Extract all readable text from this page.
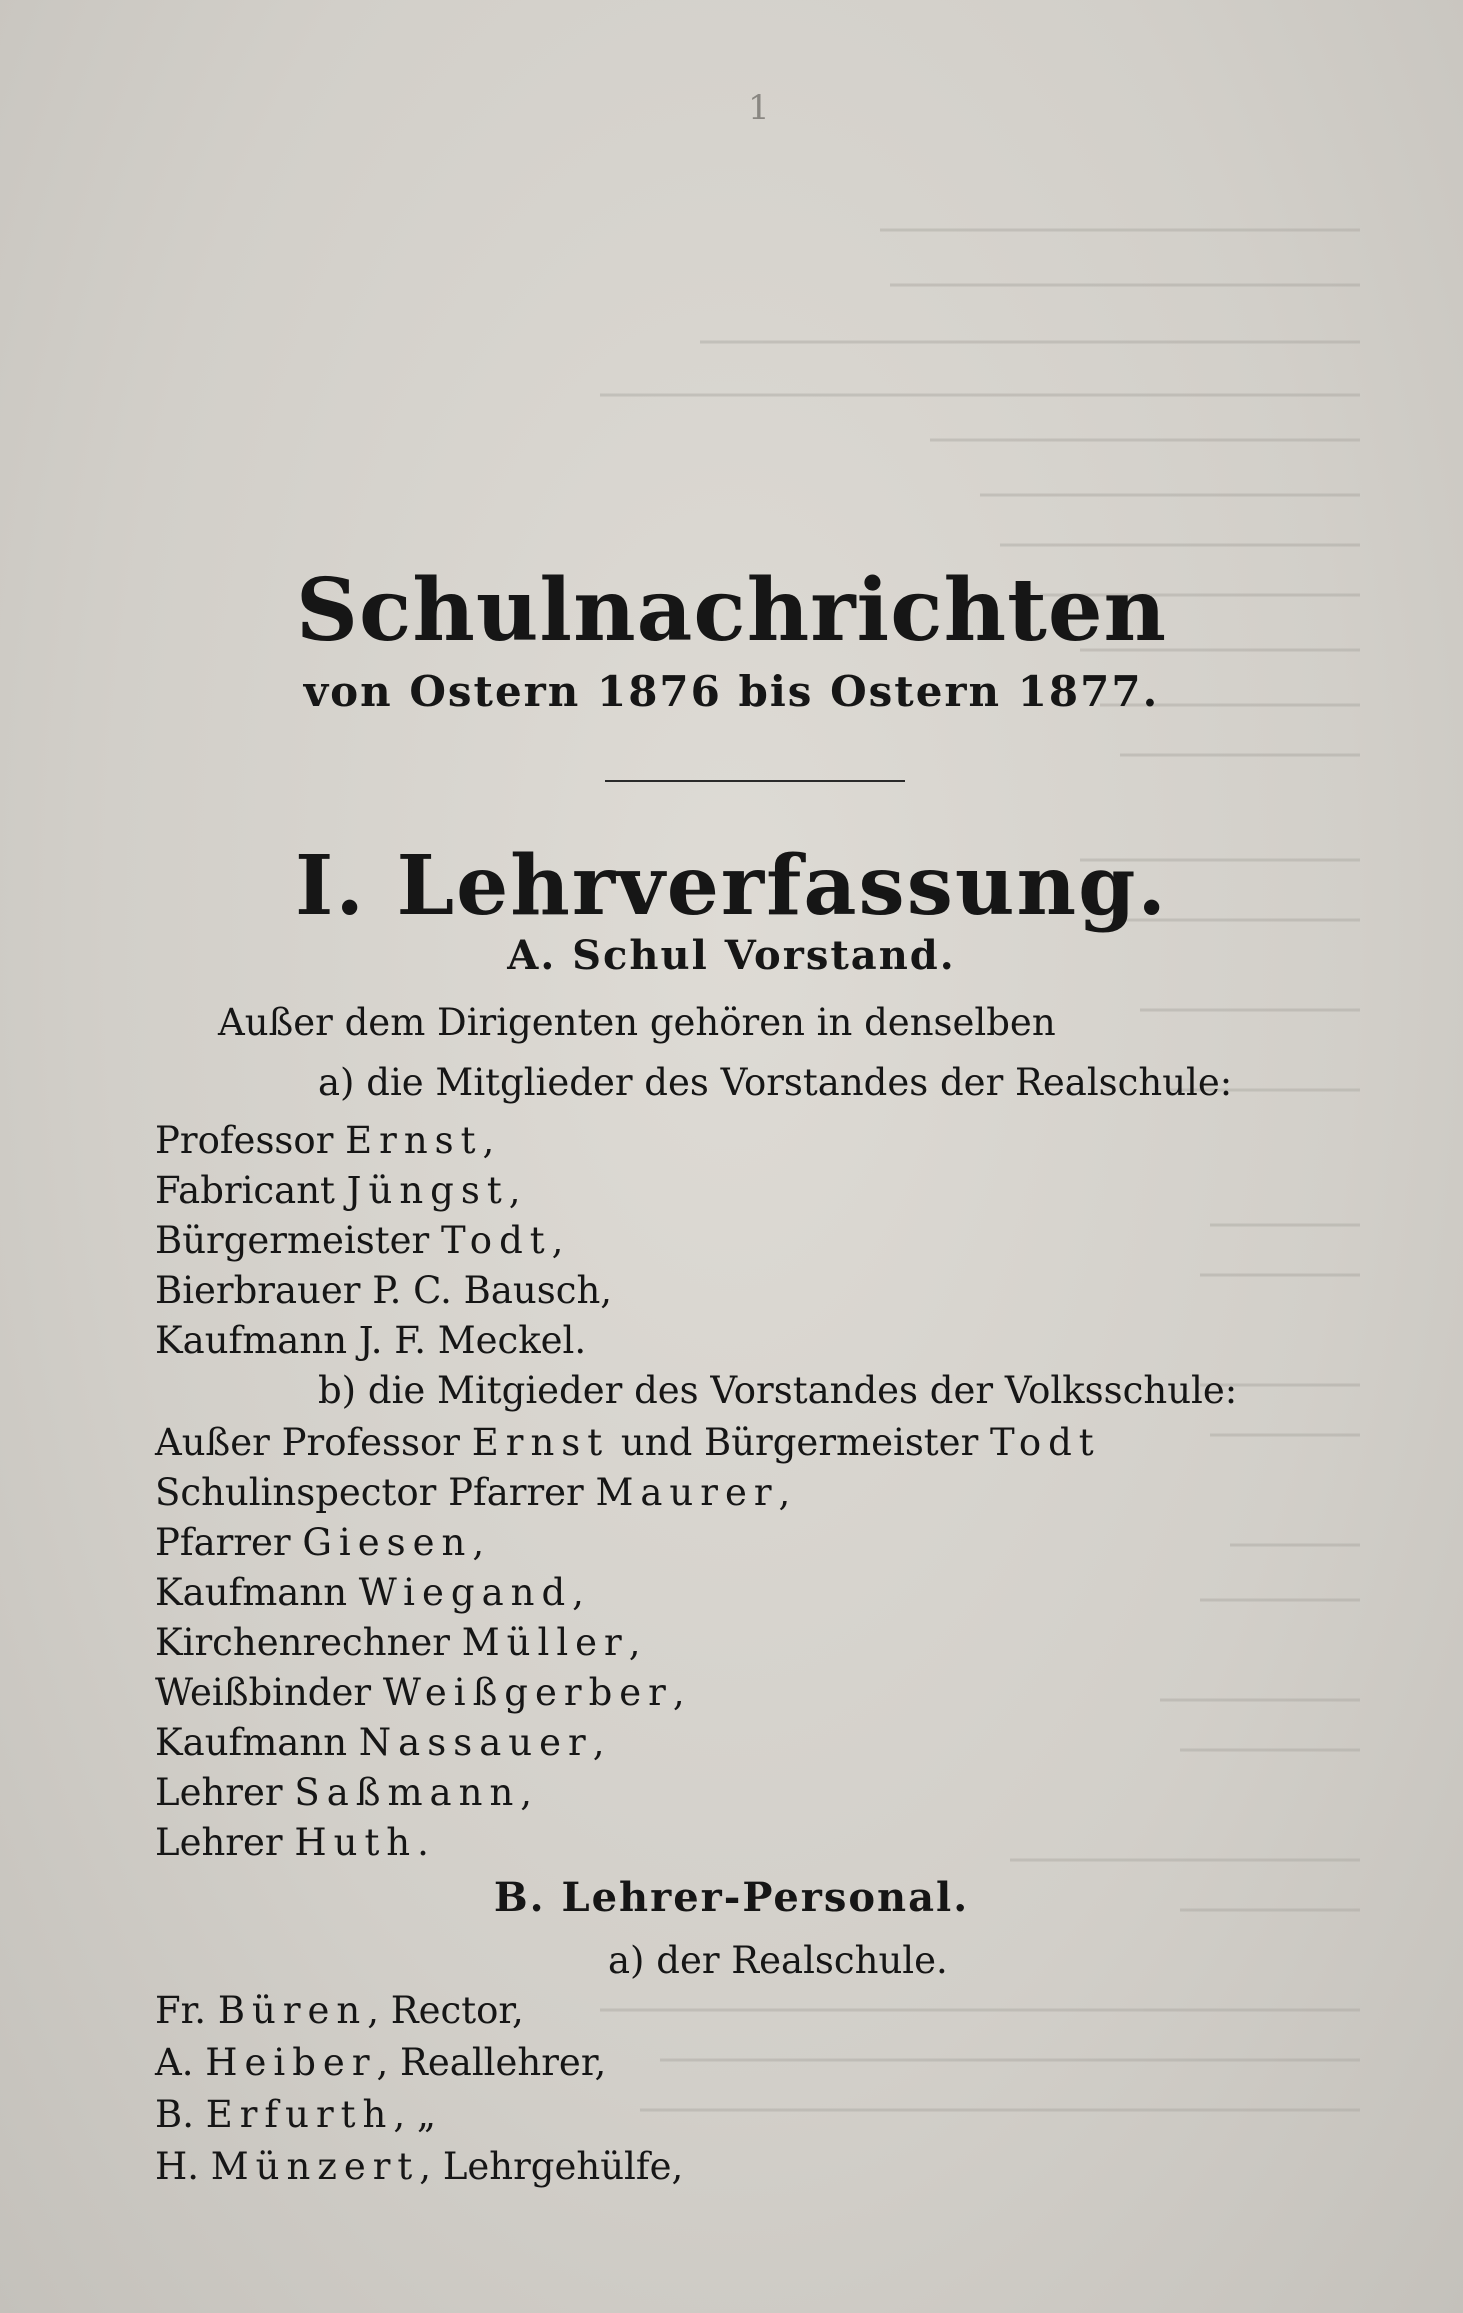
1
Schulnachrichten
von Ostern 1876 bis Ostern 1877.
I. Lehrverfassung.
A. Schul Vorstand.
Außer dem Dirigenten gehören in denselben
a) die Mitglieder des Vorstandes der Realschule:
Professor Ernst,
Fabricant Jüngst,
Bürgermeister Todt,
Bierbrauer P. C. Bausch,
Kaufmann J. F. Meckel.
b) die Mitgieder des Vorstandes der Volksschule:
Außer Professor Ernst und Bürgermeister Todt
Schulinspector Pfarrer Maurer,
Pfarrer Giesen,
Kaufmann Wiegand,
Kirchenrechner Müller,
Weißbinder Weißgerber,
Kaufmann Nassauer,
Lehrer Saßmann,
Lehrer Huth.
B. Lehrer-Personal.
a) der Realschule.
Fr. Büren, Rector,
A. Heiber, Reallehrer,
B. Erfurth, „
H. Münzert, Lehrgehülfe,
